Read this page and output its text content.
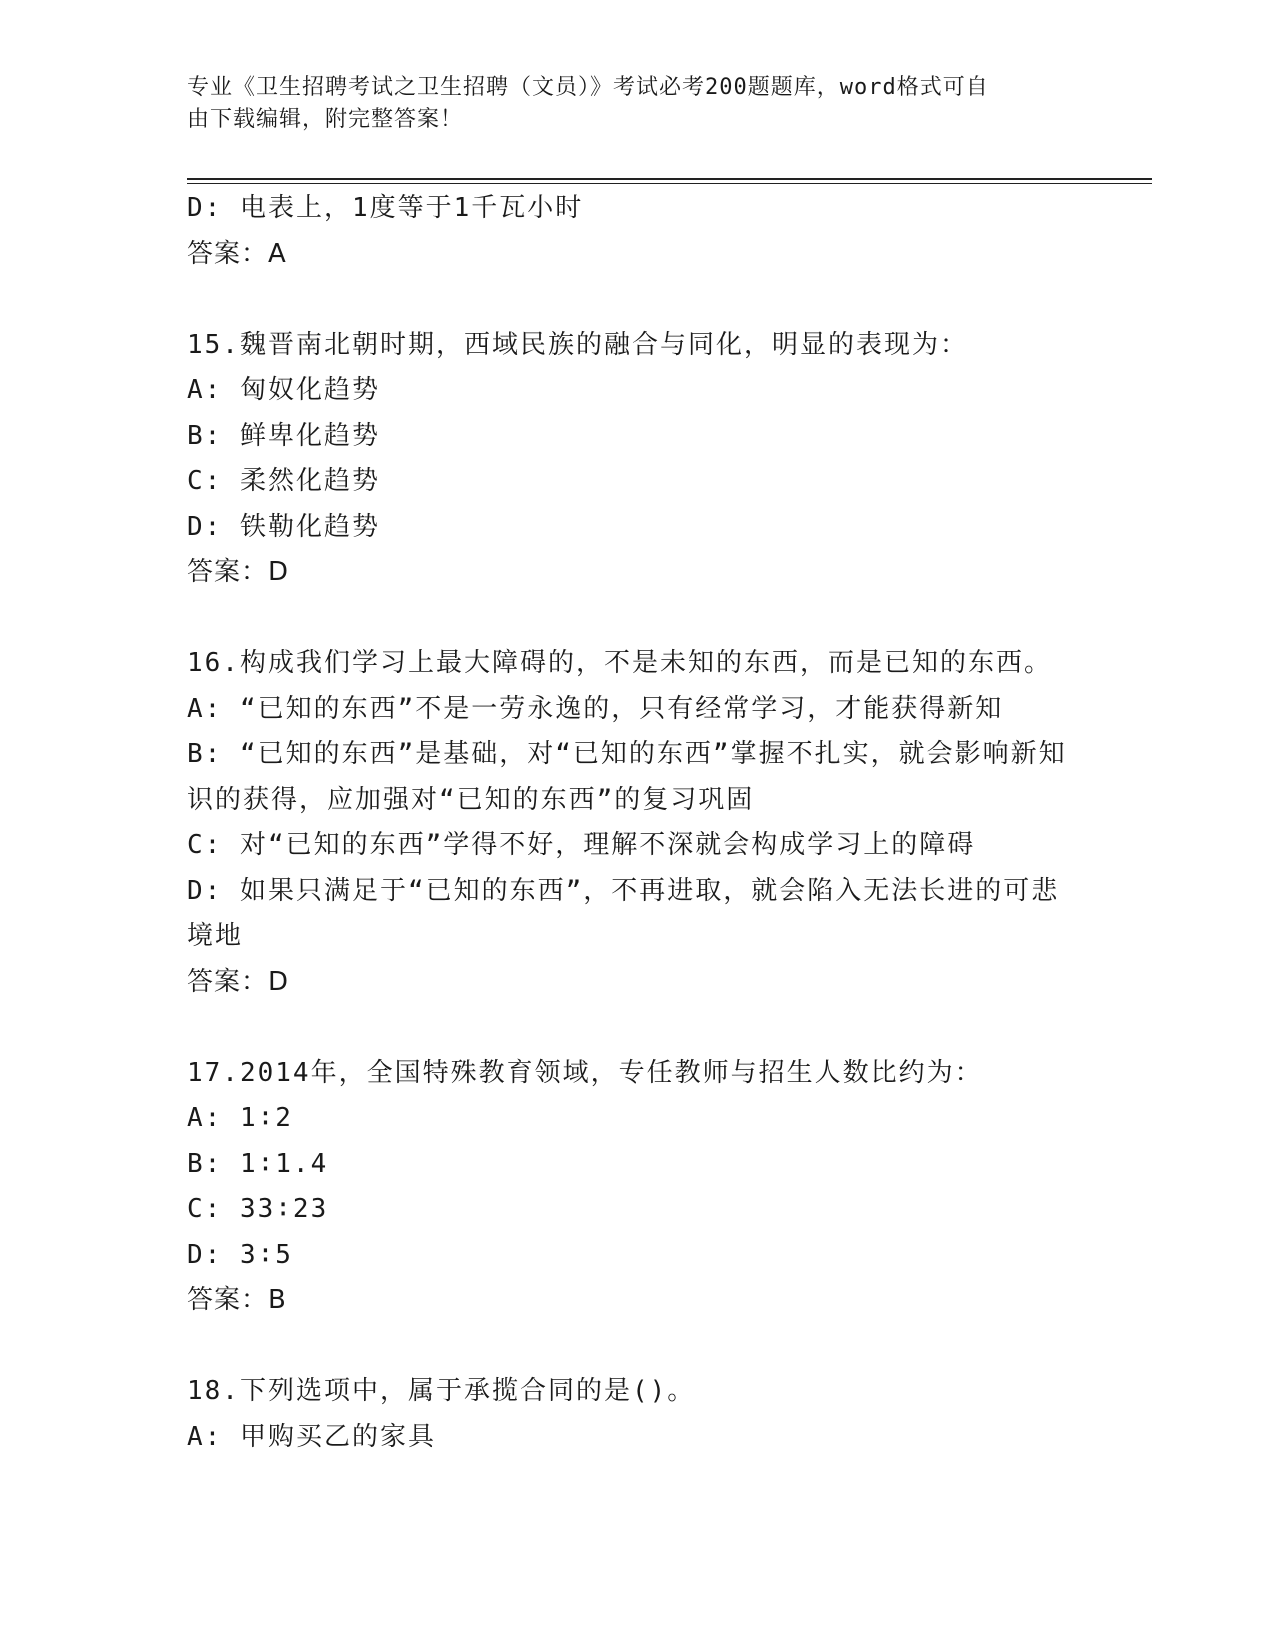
专业《卫生招聘考试之卫生招聘（文员）》考试必考200题题库，word格式可自
由下载编辑，附完整答案！

D: 电表上，1度等于1千瓦小时

答案：A

15.魏晋南北朝时期，西域民族的融合与同化，明显的表现为：

A: 匈奴化趋势

B: 鲜卑化趋势

C: 柔然化趋势

D: 铁勒化趋势

答案：D

16.构成我们学习上最大障碍的，不是未知的东西，而是已知的东西。

A: “已知的东西”不是一劳永逸的，只有经常学习，才能获得新知

B: “已知的东西”是基础，对“已知的东西”掌握不扎实，就会影响新知识的获得，应加强对“已知的东西”的复习巩固

C: 对“已知的东西”学得不好，理解不深就会构成学习上的障碍

D: 如果只满足于“已知的东西”，不再进取，就会陷入无法长进的可悲境地

答案：D

17.2014年，全国特殊教育领域，专任教师与招生人数比约为：

A: 1∶2

B: 1∶1.4

C: 33∶23

D: 3∶5

答案：B

18.下列选项中，属于承揽合同的是()。

A: 甲购买乙的家具
